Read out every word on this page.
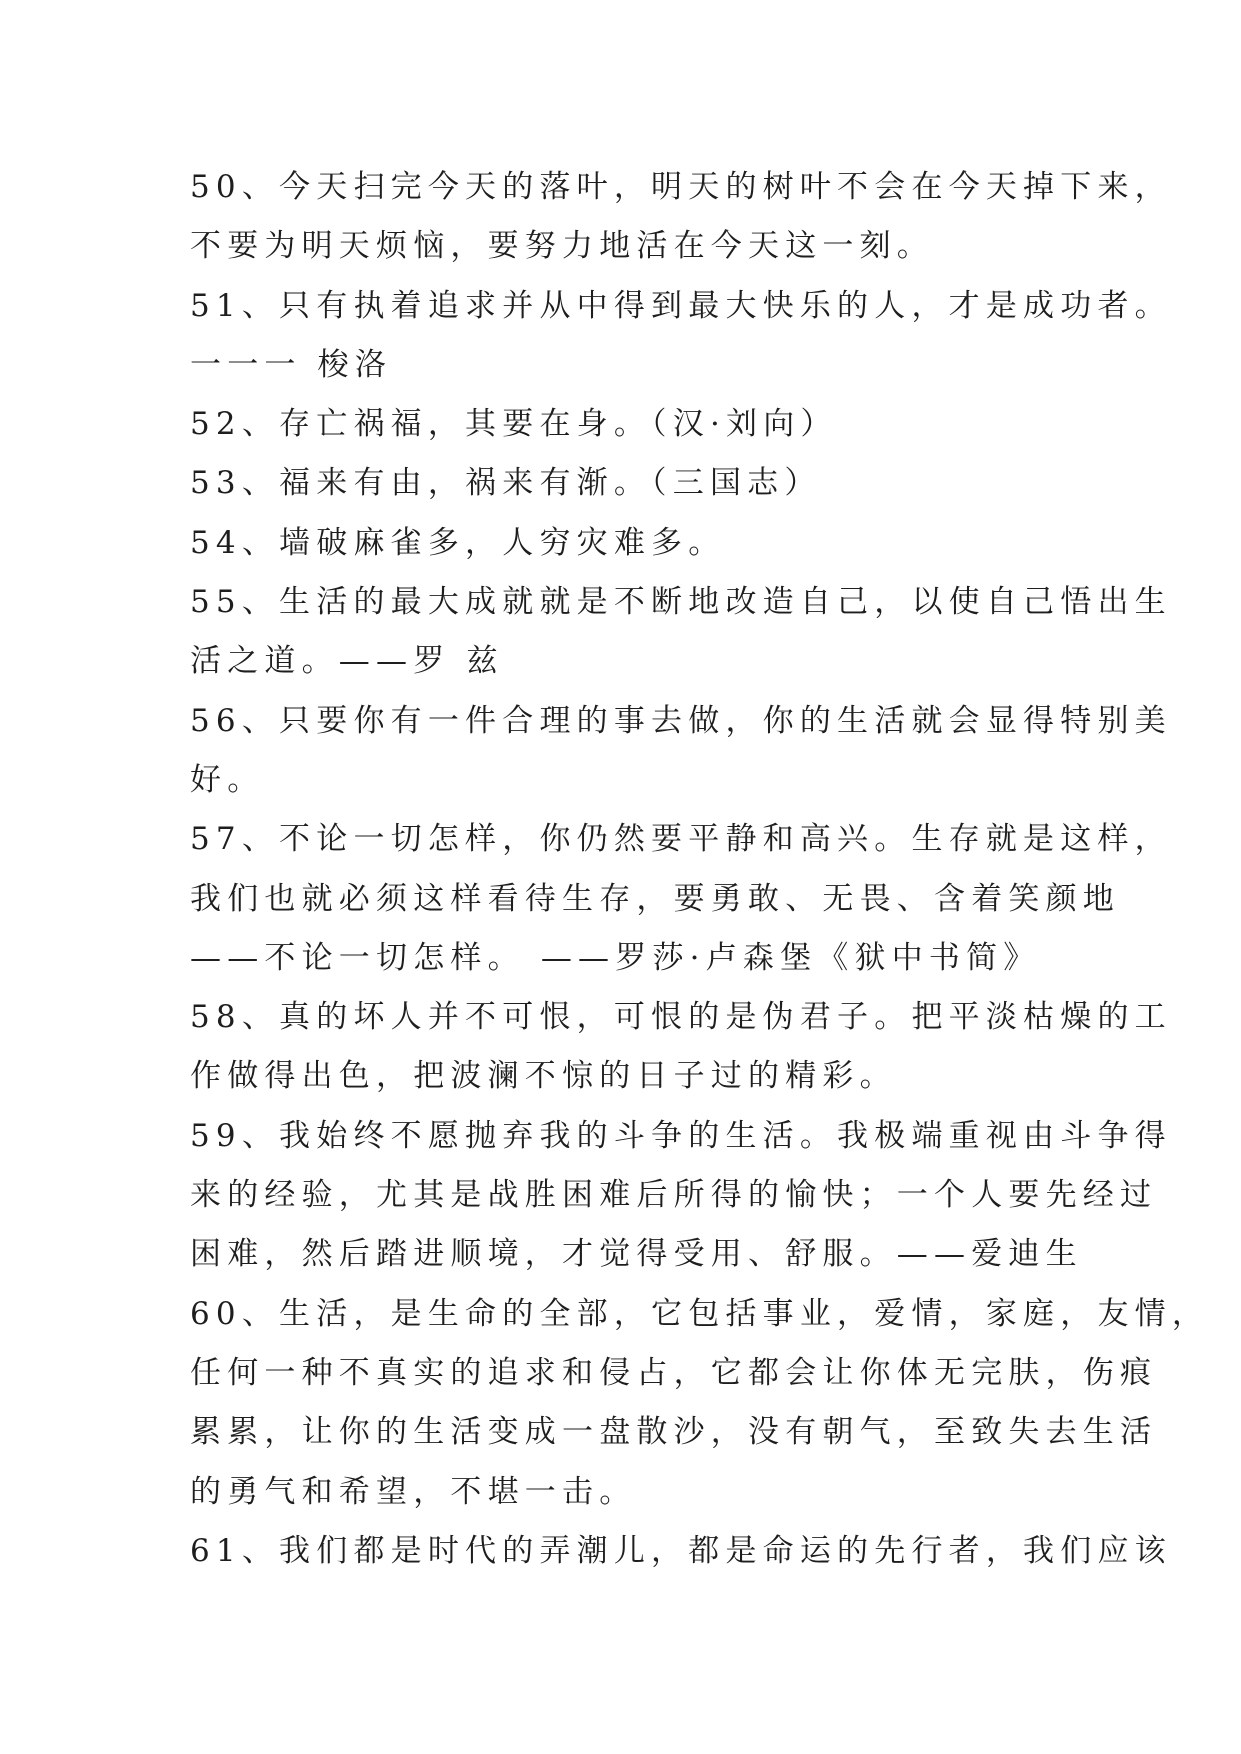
50、今天扫完今天的落叶，明天的树叶不会在今天掉下来，
不要为明天烦恼，要努力地活在今天这一刻。
51、只有执着追求并从中得到最大快乐的人，才是成功者。
一一一 梭洛
52、存亡祸福，其要在身。（汉·刘向）
53、福来有由，祸来有渐。（三国志）
54、墙破麻雀多，人穷灾难多。
55、生活的最大成就就是不断地改造自己，以使自己悟出生
活之道。——罗 兹
56、只要你有一件合理的事去做，你的生活就会显得特别美
好。
57、不论一切怎样，你仍然要平静和高兴。生存就是这样，
我们也就必须这样看待生存，要勇敢、无畏、含着笑颜地
——不论一切怎样。 ——罗莎·卢森堡《狱中书简》
58、真的坏人并不可恨，可恨的是伪君子。把平淡枯燥的工
作做得出色，把波澜不惊的日子过的精彩。
59、我始终不愿抛弃我的斗争的生活。我极端重视由斗争得
来的经验，尤其是战胜困难后所得的愉快；一个人要先经过
困难，然后踏进顺境，才觉得受用、舒服。——爱迪生
60、生活，是生命的全部，它包括事业，爱情，家庭，友情，
任何一种不真实的追求和侵占，它都会让你体无完肤，伤痕
累累，让你的生活变成一盘散沙，没有朝气，至致失去生活
的勇气和希望，不堪一击。
61、我们都是时代的弄潮儿，都是命运的先行者，我们应该
